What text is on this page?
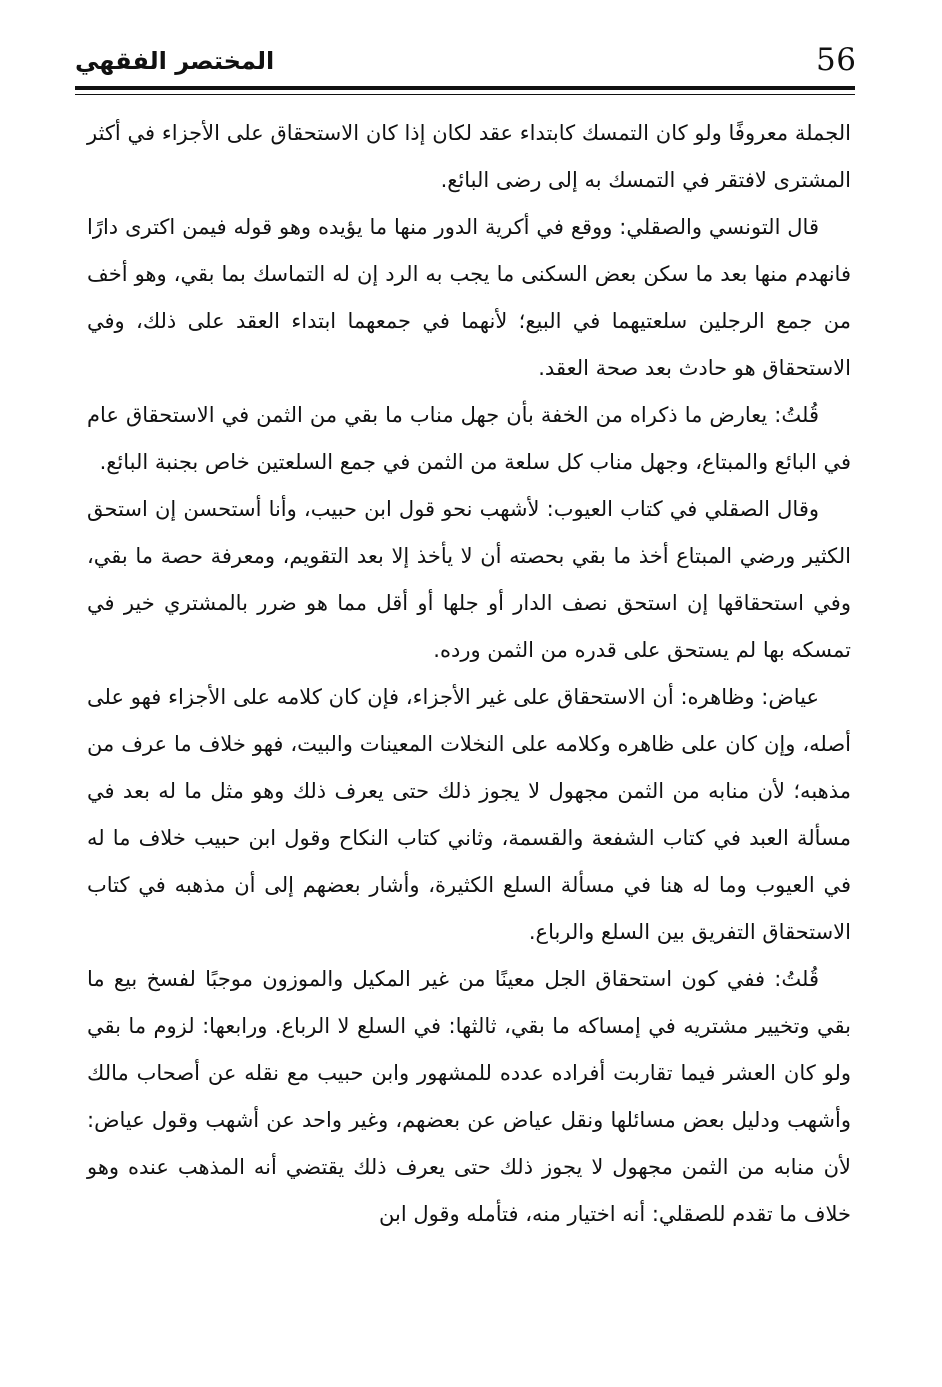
56
المختصر الفقهي

الجملة معروفًا ولو كان التمسك كابتداء عقد لكان إذا كان الاستحقاق على الأجزاء في أكثر المشترى لافتقر في التمسك به إلى رضى البائع.

قال التونسي والصقلي: ووقع في أكرية الدور منها ما يؤيده وهو قوله فيمن اكترى دارًا فانهدم منها بعد ما سكن بعض السكنى ما يجب به الرد إن له التماسك بما بقي، وهو أخف من جمع الرجلين سلعتيهما في البيع؛ لأنهما في جمعهما ابتداء العقد على ذلك، وفي الاستحقاق هو حادث بعد صحة العقد.

قُلتُ: يعارض ما ذكراه من الخفة بأن جهل مناب ما بقي من الثمن في الاستحقاق عام في البائع والمبتاع، وجهل مناب كل سلعة من الثمن في جمع السلعتين خاص بجنبة البائع.

وقال الصقلي في كتاب العيوب: لأشهب نحو قول ابن حبيب، وأنا أستحسن إن استحق الكثير ورضي المبتاع أخذ ما بقي بحصته أن لا يأخذ إلا بعد التقويم، ومعرفة حصة ما بقي، وفي استحقاقها إن استحق نصف الدار أو جلها أو أقل مما هو ضرر بالمشتري خير في تمسكه بها لم يستحق على قدره من الثمن ورده.

عياض: وظاهره: أن الاستحقاق على غير الأجزاء، فإن كان كلامه على الأجزاء فهو على أصله، وإن كان على ظاهره وكلامه على النخلات المعينات والبيت، فهو خلاف ما عرف من مذهبه؛ لأن منابه من الثمن مجهول لا يجوز ذلك حتى يعرف ذلك وهو مثل ما له بعد في مسألة العبد في كتاب الشفعة والقسمة، وثاني كتاب النكاح وقول ابن حبيب خلاف ما له في العيوب وما له هنا في مسألة السلع الكثيرة، وأشار بعضهم إلى أن مذهبه في كتاب الاستحقاق التفريق بين السلع والرباع.

قُلتُ: ففي كون استحقاق الجل معينًا من غير المكيل والموزون موجبًا لفسخ بيع ما بقي وتخيير مشتريه في إمساكه ما بقي، ثالثها: في السلع لا الرباع. ورابعها: لزوم ما بقي ولو كان العشر فيما تقاربت أفراده عدده للمشهور وابن حبيب مع نقله عن أصحاب مالك وأشهب ودليل بعض مسائلها ونقل عياض عن بعضهم، وغير واحد عن أشهب وقول عياض: لأن منابه من الثمن مجهول لا يجوز ذلك حتى يعرف ذلك يقتضي أنه المذهب عنده وهو خلاف ما تقدم للصقلي: أنه اختيار منه، فتأمله وقول ابن
